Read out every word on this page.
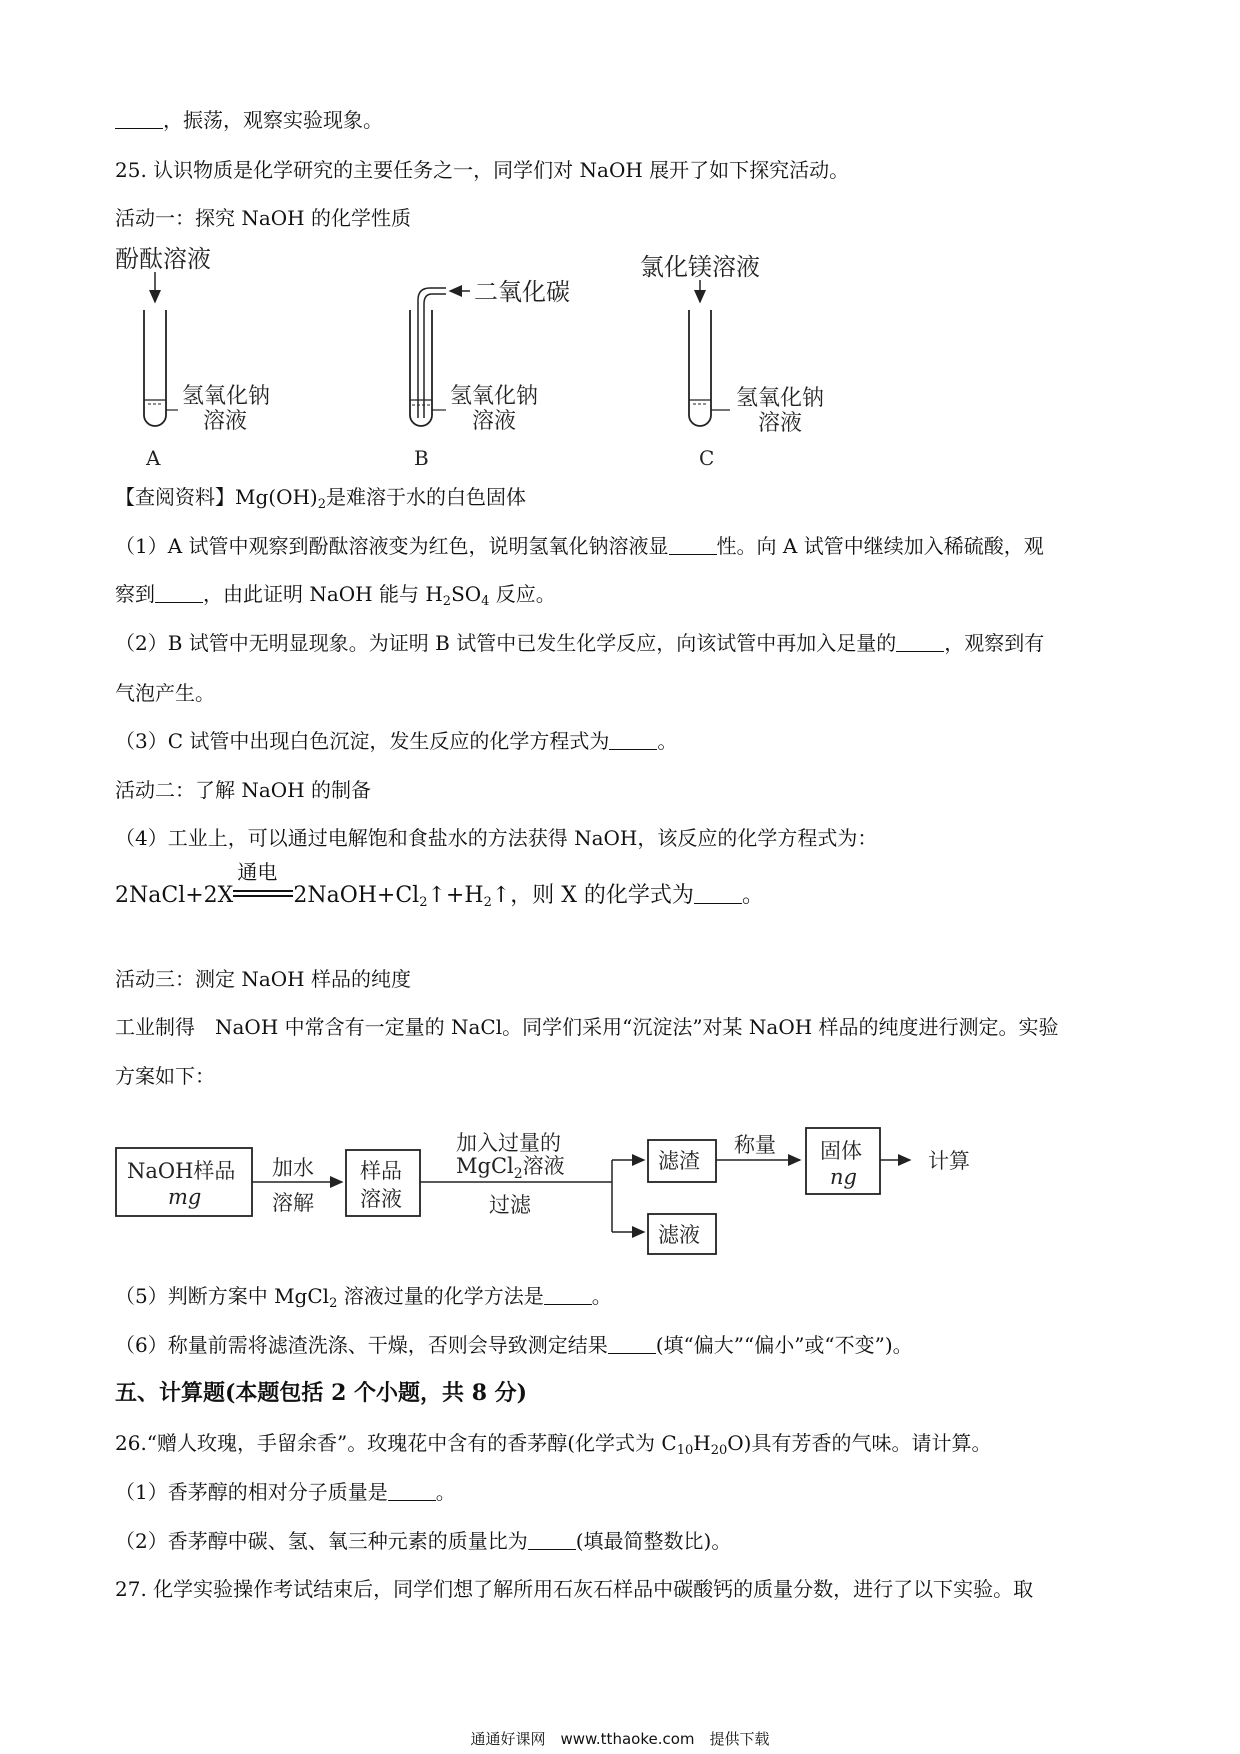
，振荡，观察实验现象。
25. 认识物质是化学研究的主要任务之一，同学们对 NaOH 展开了如下探究活动。
活动一：探究 NaOH 的化学性质
【查阅资料】$Mg(OH)_2$是难溶于水的白色固体
（1）A 试管中观察到酚酞溶液变为红色，说明氢氧化钠溶液显 性。向 A 试管中继续加入稀硫酸，观
察到 ，由此证明 NaOH 能与 $H_2SO_4$ 反应。
（2）B 试管中无明显现象。为证明 B 试管中已发生化学反应，向该试管中再加入足量的 ，观察到有
气泡产生。
（3）C 试管中出现白色沉淀，发生反应的化学方程式为 。
活动二：了解 NaOH 的制备
（4）工业上，可以通过电解饱和食盐水的方法获得 NaOH，该反应的化学方程式为：
2NaCl+2X
通电
$2NaOH+Cl_2↑+H_2↑$，则 X 的化学式为 。
活动三：测定 NaOH 样品的纯度
工业制得　NaOH 中常含有一定量的 NaCl。同学们采用“沉淀法”对某 NaOH 样品的纯度进行测定。实验
方案如下：
（5）判断方案中 MgCl$_2$ 溶液过量的化学方法是 。
（6）称量前需将滤渣洗涤、干燥，否则会导致测定结果 (填“偏大”“偏小”或“不变”)。
五、计算题(本题包括 2 个小题，共 8 分)
26.“赠人玫瑰，手留余香”。玫瑰花中含有的香茅醇(化学式为 $C_{10}H_{20}O$)具有芳香的气味。请计算。
（1）香茅醇的相对分子质量是 。
（2）香茅醇中碳、氢、氧三种元素的质量比为 (填最简整数比)。
27. 化学实验操作考试结束后，同学们想了解所用石灰石样品中碳酸钙的质量分数，进行了以下实验。取
酚酞溶液
氢氧化钠
溶液
A
二氧化碳
氢氧化钠
溶液
B
氯化镁溶液
氢氧化钠
溶液
C
NaOH样品
mg
加水
溶解
样品
溶液
加入过量的
MgCl$_2$溶液
过滤
滤渣
滤液
称量 固体
ng
计算
通通好课网　www.tthaoke.com　提供下载
